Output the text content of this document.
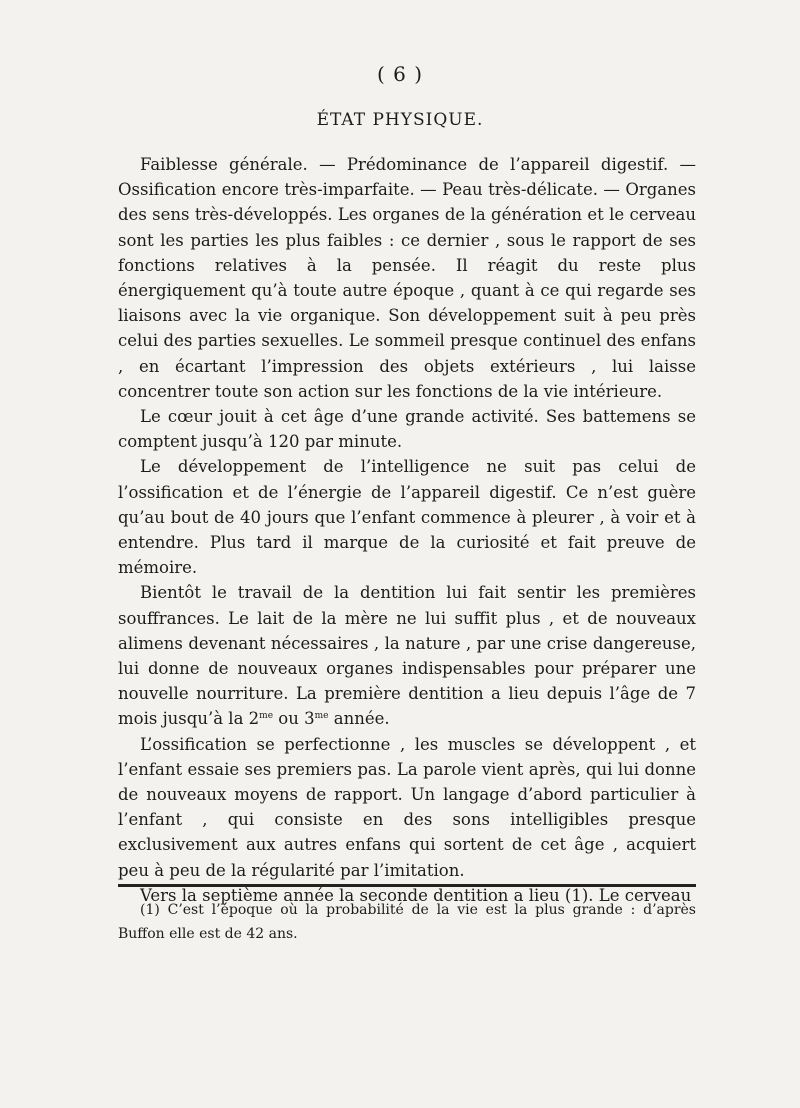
( 6 )
ÉTAT PHYSIQUE.

Faiblesse générale. — Prédominance de l’appareil digestif. — Ossification encore très-imparfaite. — Peau très-délicate. — Organes des sens très-développés. Les organes de la génération et le cerveau sont les parties les plus faibles : ce dernier , sous le rapport de ses fonctions relatives à la pensée. Il réagit du reste plus énergiquement qu’à toute autre époque , quant à ce qui regarde ses liaisons avec la vie organique. Son développement suit à peu près celui des parties sexuelles. Le sommeil presque continuel des enfans , en écartant l’impression des objets extérieurs , lui laisse concentrer toute son action sur les fonctions de la vie intérieure.

Le cœur jouit à cet âge d’une grande activité. Ses battemens se comptent jusqu’à 120 par minute.

Le développement de l’intelligence ne suit pas celui de l’ossification et de l’énergie de l’appareil digestif. Ce n’est guère qu’au bout de 40 jours que l’enfant commence à pleurer , à voir et à entendre. Plus tard il marque de la curiosité et fait preuve de mémoire.

Bientôt le travail de la dentition lui fait sentir les premières souffrances. Le lait de la mère ne lui suffit plus , et de nouveaux alimens devenant nécessaires , la nature , par une crise dangereuse, lui donne de nouveaux organes indispensables pour préparer une nouvelle nourriture. La première dentition a lieu depuis l’âge de 7 mois jusqu’à la $2^{me}$ ou $3^{me}$ année.

L’ossification se perfectionne , les muscles se développent , et l’enfant essaie ses premiers pas. La parole vient après, qui lui donne de nouveaux moyens de rapport. Un langage d’abord particulier à l’enfant , qui consiste en des sons intelligibles presque exclusivement aux autres enfans qui sortent de cet âge , acquiert peu à peu de la régularité par l’imitation.

Vers la septième année la seconde dentition a lieu (1). Le cerveau

(1) C’est l’époque où la probabilité de la vie est la plus grande : d’après Buffon elle est de 42 ans.
